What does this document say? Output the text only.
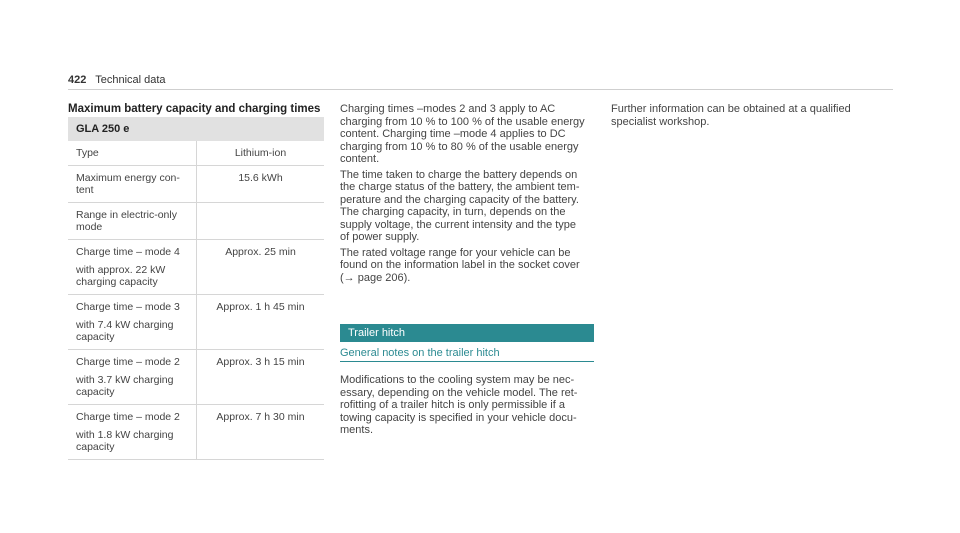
422 Technical data
Maximum battery capacity and charging times
GLA 250 e	

Type	Lithium-ion

Maximum energy con-
tent	15.6 kWh

Range in electric-only
mode	

Charge time – mode 4
with approx. 22 kW
charging capacity	Approx. 25 min

Charge time – mode 3
with 7.4 kW charging
capacity	Approx. 1 h 45 min

Charge time – mode 2
with 3.7 kW charging
capacity	Approx. 3 h 15 min

Charge time – mode 2
with 1.8 kW charging
capacity	Approx. 7 h 30 min

Charging times –modes 2 and 3 apply to AC
charging from 10 % to 100 % of the usable energy
content. Charging time –mode 4 applies to DC
charging from 10 % to 80 % of the usable energy
content.

The time taken to charge the battery depends on
the charge status of the battery, the ambient tem-
perature and the charging capacity of the battery.
The charging capacity, in turn, depends on the
supply voltage, the current intensity and the type
of power supply.

The rated voltage range for your vehicle can be
found on the information label in the socket cover
(→ page 206).

Trailer hitch
General notes on the trailer hitch

Modifications to the cooling system may be nec-
essary, depending on the vehicle model. The ret-
rofitting of a trailer hitch is only permissible if a
towing capacity is specified in your vehicle docu-
ments.

Further information can be obtained at a qualified
specialist workshop.
